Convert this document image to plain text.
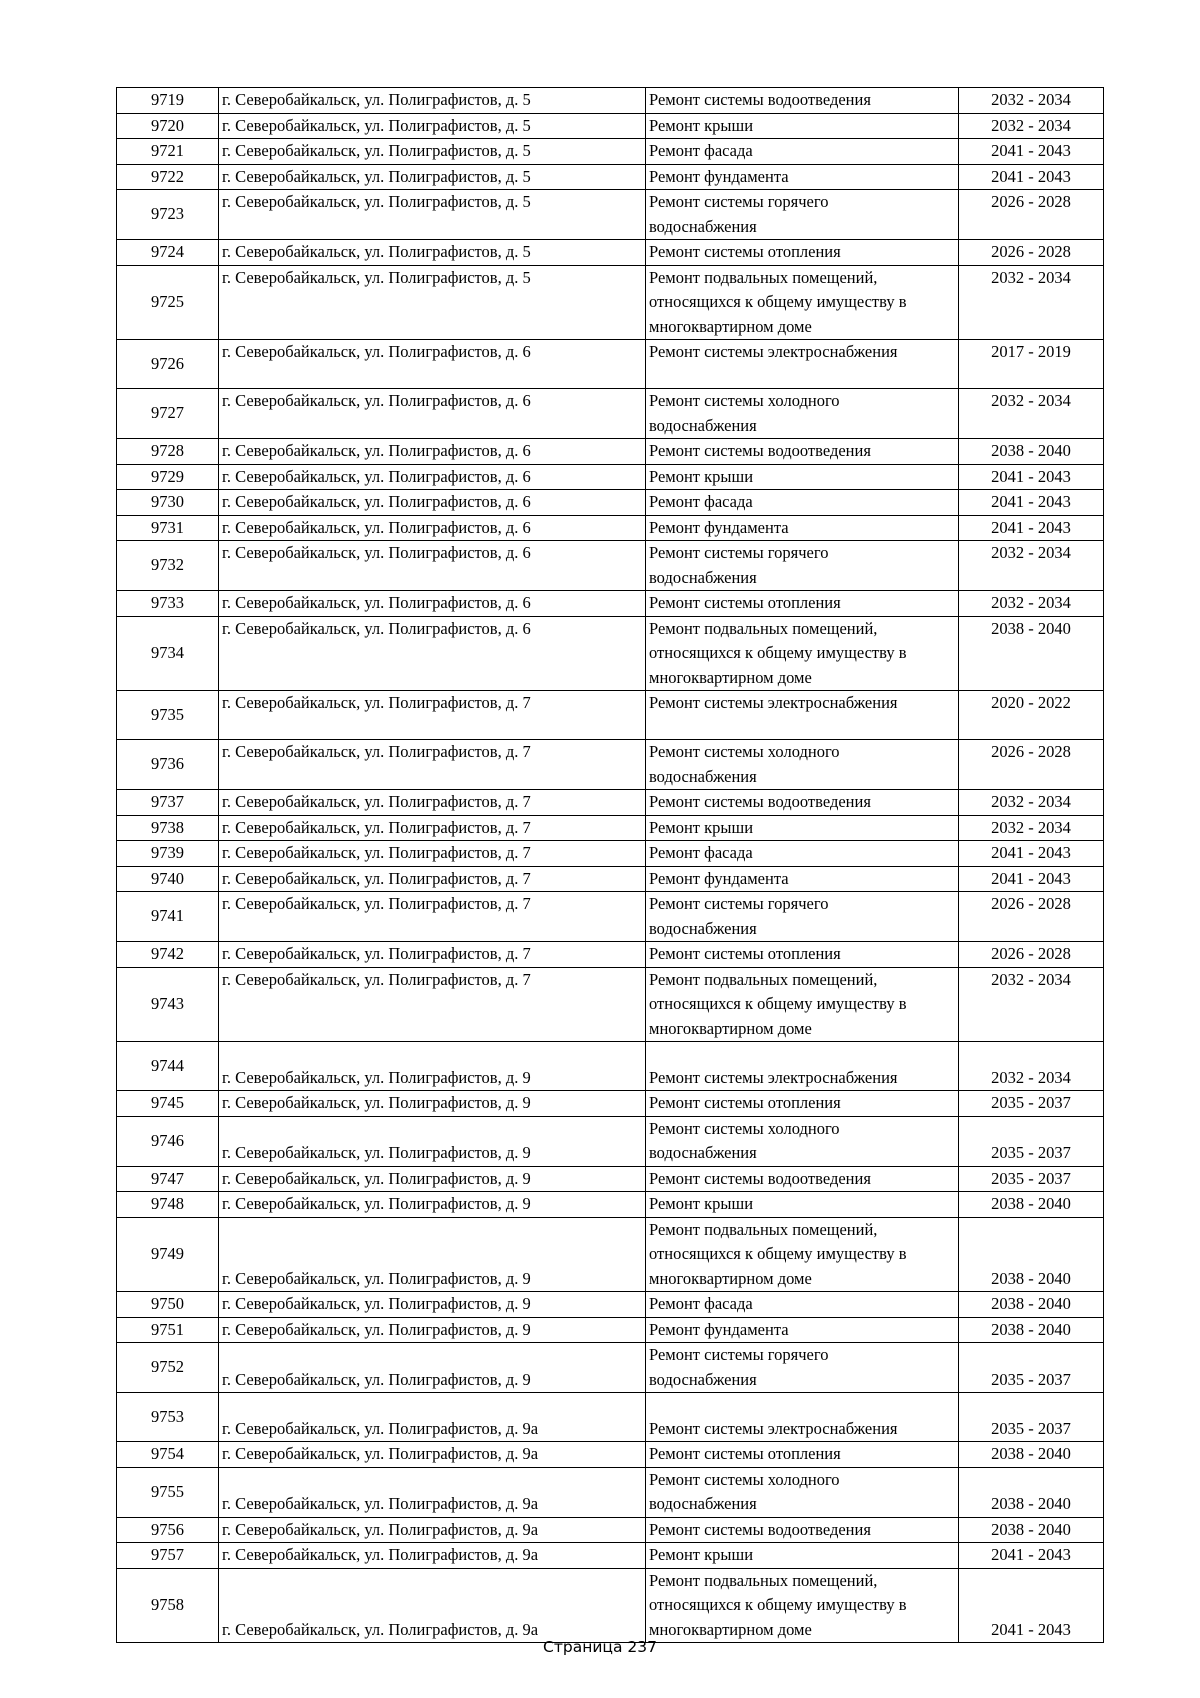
9719	г. Северобайкальск, ул. Полиграфистов, д. 5	Ремонт системы водоотведения	2032 - 2034
9720	г. Северобайкальск, ул. Полиграфистов, д. 5	Ремонт крыши	2032 - 2034
9721	г. Северобайкальск, ул. Полиграфистов, д. 5	Ремонт фасада	2041 - 2043
9722	г. Северобайкальск, ул. Полиграфистов, д. 5	Ремонт фундамента	2041 - 2043
9723	г. Северобайкальск, ул. Полиграфистов, д. 5	Ремонт системы горячего
водоснабжения	2026 - 2028
9724	г. Северобайкальск, ул. Полиграфистов, д. 5	Ремонт системы отопления	2026 - 2028
9725	г. Северобайкальск, ул. Полиграфистов, д. 5	Ремонт подвальных помещений,
относящихся к общему имуществу в
многоквартирном доме	2032 - 2034
9726	г. Северобайкальск, ул. Полиграфистов, д. 6	Ремонт системы электроснабжения	2017 - 2019
9727	г. Северобайкальск, ул. Полиграфистов, д. 6	Ремонт системы холодного
водоснабжения	2032 - 2034
9728	г. Северобайкальск, ул. Полиграфистов, д. 6	Ремонт системы водоотведения	2038 - 2040
9729	г. Северобайкальск, ул. Полиграфистов, д. 6	Ремонт крыши	2041 - 2043
9730	г. Северобайкальск, ул. Полиграфистов, д. 6	Ремонт фасада	2041 - 2043
9731	г. Северобайкальск, ул. Полиграфистов, д. 6	Ремонт фундамента	2041 - 2043
9732	г. Северобайкальск, ул. Полиграфистов, д. 6	Ремонт системы горячего
водоснабжения	2032 - 2034
9733	г. Северобайкальск, ул. Полиграфистов, д. 6	Ремонт системы отопления	2032 - 2034
9734	г. Северобайкальск, ул. Полиграфистов, д. 6	Ремонт подвальных помещений,
относящихся к общему имуществу в
многоквартирном доме	2038 - 2040
9735	г. Северобайкальск, ул. Полиграфистов, д. 7	Ремонт системы электроснабжения	2020 - 2022
9736	г. Северобайкальск, ул. Полиграфистов, д. 7	Ремонт системы холодного
водоснабжения	2026 - 2028
9737	г. Северобайкальск, ул. Полиграфистов, д. 7	Ремонт системы водоотведения	2032 - 2034
9738	г. Северобайкальск, ул. Полиграфистов, д. 7	Ремонт крыши	2032 - 2034
9739	г. Северобайкальск, ул. Полиграфистов, д. 7	Ремонт фасада	2041 - 2043
9740	г. Северобайкальск, ул. Полиграфистов, д. 7	Ремонт фундамента	2041 - 2043
9741	г. Северобайкальск, ул. Полиграфистов, д. 7	Ремонт системы горячего
водоснабжения	2026 - 2028
9742	г. Северобайкальск, ул. Полиграфистов, д. 7	Ремонт системы отопления	2026 - 2028
9743	г. Северобайкальск, ул. Полиграфистов, д. 7	Ремонт подвальных помещений,
относящихся к общему имуществу в
многоквартирном доме	2032 - 2034
9744	г. Северобайкальск, ул. Полиграфистов, д. 9	Ремонт системы электроснабжения	2032 - 2034
9745	г. Северобайкальск, ул. Полиграфистов, д. 9	Ремонт системы отопления	2035 - 2037
9746	г. Северобайкальск, ул. Полиграфистов, д. 9	Ремонт системы холодного
водоснабжения	2035 - 2037
9747	г. Северобайкальск, ул. Полиграфистов, д. 9	Ремонт системы водоотведения	2035 - 2037
9748	г. Северобайкальск, ул. Полиграфистов, д. 9	Ремонт крыши	2038 - 2040
9749	г. Северобайкальск, ул. Полиграфистов, д. 9	Ремонт подвальных помещений,
относящихся к общему имуществу в
многоквартирном доме	2038 - 2040
9750	г. Северобайкальск, ул. Полиграфистов, д. 9	Ремонт фасада	2038 - 2040
9751	г. Северобайкальск, ул. Полиграфистов, д. 9	Ремонт фундамента	2038 - 2040
9752	г. Северобайкальск, ул. Полиграфистов, д. 9	Ремонт системы горячего
водоснабжения	2035 - 2037
9753	г. Северобайкальск, ул. Полиграфистов, д. 9а	Ремонт системы электроснабжения	2035 - 2037
9754	г. Северобайкальск, ул. Полиграфистов, д. 9а	Ремонт системы отопления	2038 - 2040
9755	г. Северобайкальск, ул. Полиграфистов, д. 9а	Ремонт системы холодного
водоснабжения	2038 - 2040
9756	г. Северобайкальск, ул. Полиграфистов, д. 9а	Ремонт системы водоотведения	2038 - 2040
9757	г. Северобайкальск, ул. Полиграфистов, д. 9а	Ремонт крыши	2041 - 2043
9758	г. Северобайкальск, ул. Полиграфистов, д. 9а	Ремонт подвальных помещений,
относящихся к общему имуществу в
многоквартирном доме	2041 - 2043
Страница 237
